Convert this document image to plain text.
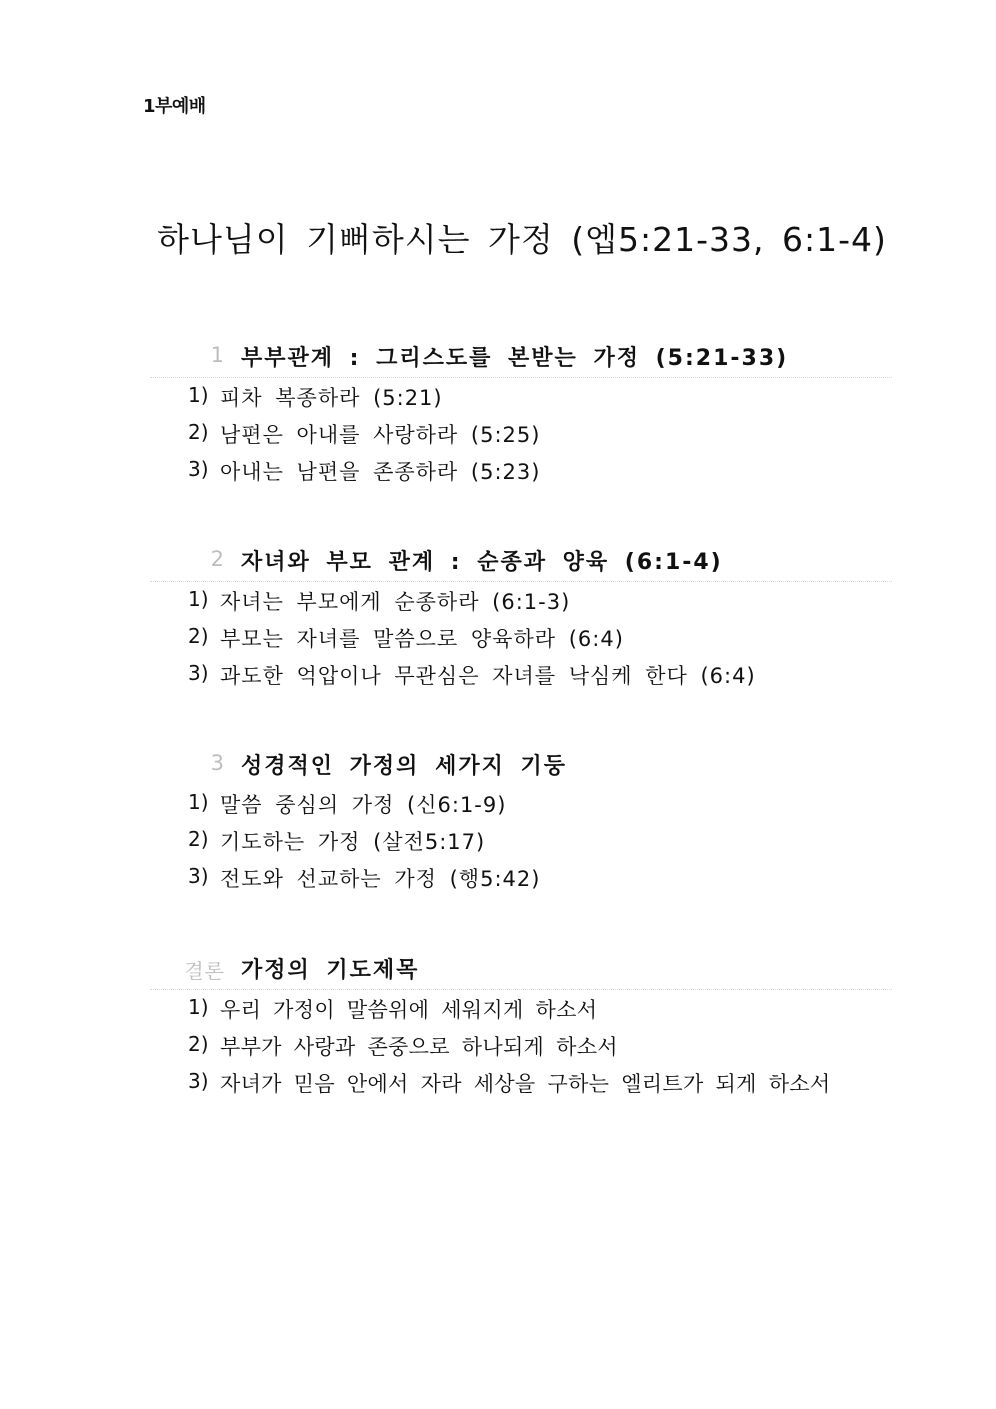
1부예배
하나님이 기뻐하시는 가정 (엡5:21-33, 6:1-4)
1 부부관계 : 그리스도를 본받는 가정 (5:21-33)
1) 피차 복종하라 (5:21)
2) 남편은 아내를 사랑하라 (5:25)
3) 아내는 남편을 존종하라 (5:23)
2 자녀와 부모 관계 : 순종과 양육 (6:1-4)
1) 자녀는 부모에게 순종하라 (6:1-3)
2) 부모는 자녀를 말씀으로 양육하라 (6:4)
3) 과도한 억압이나 무관심은 자녀를 낙심케 한다 (6:4)
3 성경적인 가정의 세가지 기둥
1) 말씀 중심의 가정 (신6:1-9)
2) 기도하는 가정 (살전5:17)
3) 전도와 선교하는 가정 (행5:42)
결론 가정의 기도제목
1) 우리 가정이 말씀위에 세워지게 하소서
2) 부부가 사랑과 존중으로 하나되게 하소서
3) 자녀가 믿음 안에서 자라 세상을 구하는 엘리트가 되게 하소서
